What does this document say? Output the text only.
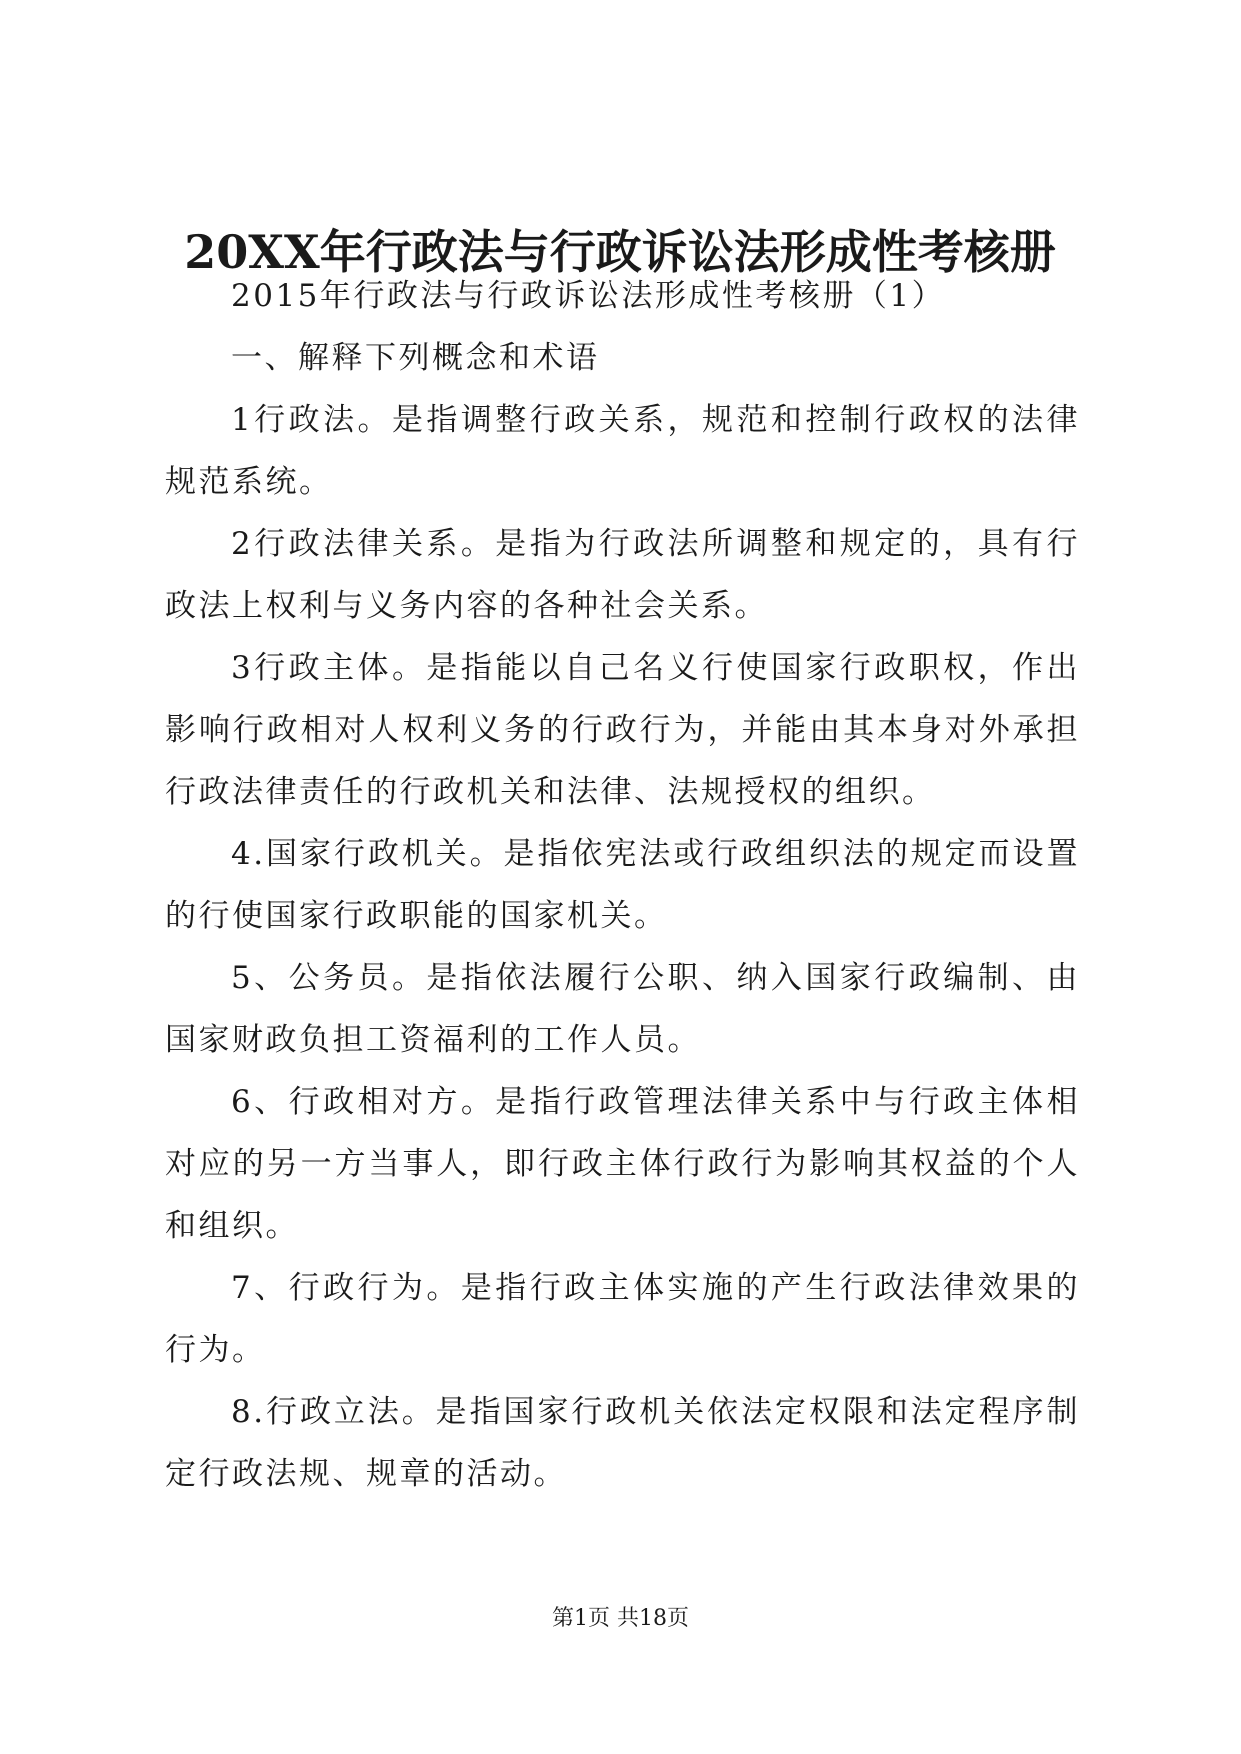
20XX年行政法与行政诉讼法形成性考核册

2015年行政法与行政诉讼法形成性考核册（1）

一、解释下列概念和术语

1行政法。是指调整行政关系，规范和控制行政权的法律规范系统。

2行政法律关系。是指为行政法所调整和规定的，具有行政法上权利与义务内容的各种社会关系。

3行政主体。是指能以自己名义行使国家行政职权，作出影响行政相对人权利义务的行政行为，并能由其本身对外承担行政法律责任的行政机关和法律、法规授权的组织。

4.国家行政机关。是指依宪法或行政组织法的规定而设置的行使国家行政职能的国家机关。

5、公务员。是指依法履行公职、纳入国家行政编制、由国家财政负担工资福利的工作人员。

6、行政相对方。是指行政管理法律关系中与行政主体相对应的另一方当事人，即行政主体行政行为影响其权益的个人和组织。

7、行政行为。是指行政主体实施的产生行政法律效果的行为。

8.行政立法。是指国家行政机关依法定权限和法定程序制定行政法规、规章的活动。

第1页 共18页
